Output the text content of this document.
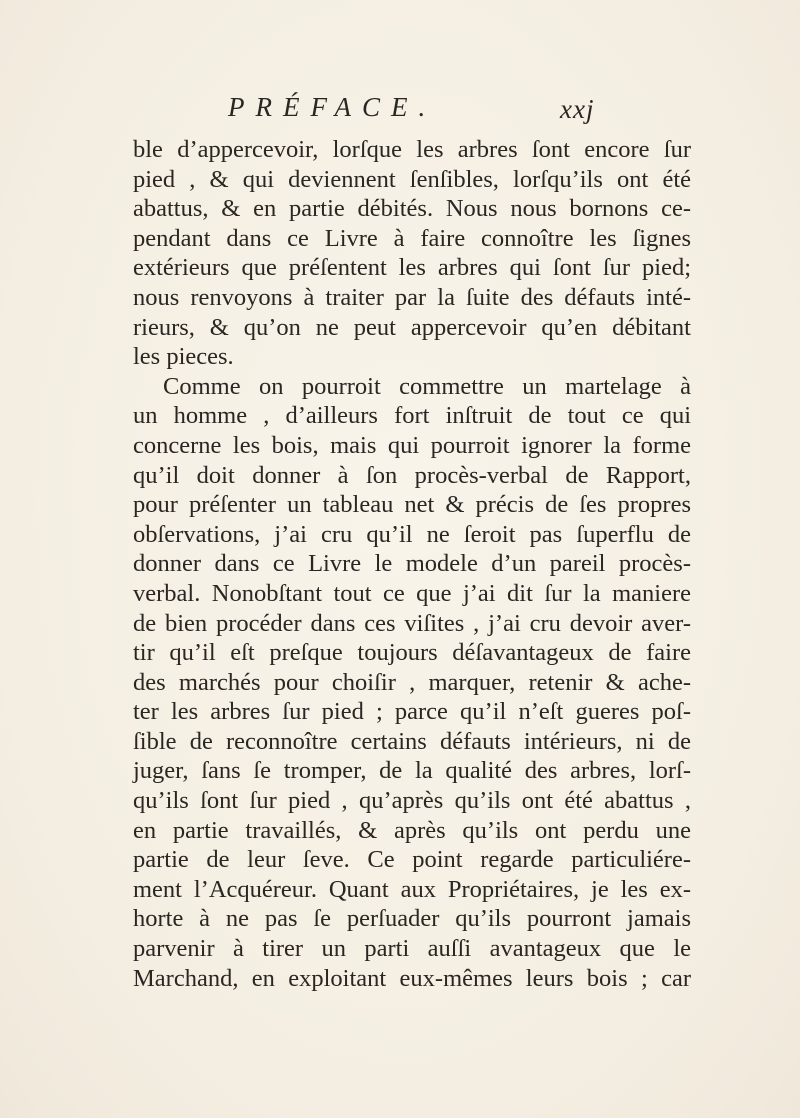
PRÉFACE.	xxj
ble d’appercevoir, lorſque les arbres ſont encore ſur
pied , & qui deviennent ſenſibles, lorſqu’ils ont été
abattus, & en partie débités. Nous nous bornons ce-
pendant dans ce Livre à faire connoître les ſignes
extérieurs que préſentent les arbres qui ſont ſur pied;
nous renvoyons à traiter par la ſuite des défauts inté-
rieurs, & qu’on ne peut appercevoir qu’en débitant
les pieces.
Comme on pourroit commettre un martelage à
un homme , d’ailleurs fort inſtruit de tout ce qui
concerne les bois, mais qui pourroit ignorer la forme
qu’il doit donner à ſon procès-verbal de Rapport,
pour préſenter un tableau net & précis de ſes propres
obſervations, j’ai cru qu’il ne ſeroit pas ſuperflu de
donner dans ce Livre le modele d’un pareil procès-
verbal. Nonobſtant tout ce que j’ai dit ſur la maniere
de bien procéder dans ces viſites , j’ai cru devoir aver-
tir qu’il eſt preſque toujours déſavantageux de faire
des marchés pour choiſir , marquer, retenir & ache-
ter les arbres ſur pied ; parce qu’il n’eſt gueres poſ-
ſible de reconnoître certains défauts intérieurs, ni de
juger, ſans ſe tromper, de la qualité des arbres, lorſ-
qu’ils ſont ſur pied , qu’après qu’ils ont été abattus ,
en partie travaillés, & après qu’ils ont perdu une
partie de leur ſeve. Ce point regarde particuliére-
ment l’Acquéreur. Quant aux Propriétaires, je les ex-
horte à ne pas ſe perſuader qu’ils pourront jamais
parvenir à tirer un parti auſſi avantageux que le
Marchand, en exploitant eux-mêmes leurs bois ; car
